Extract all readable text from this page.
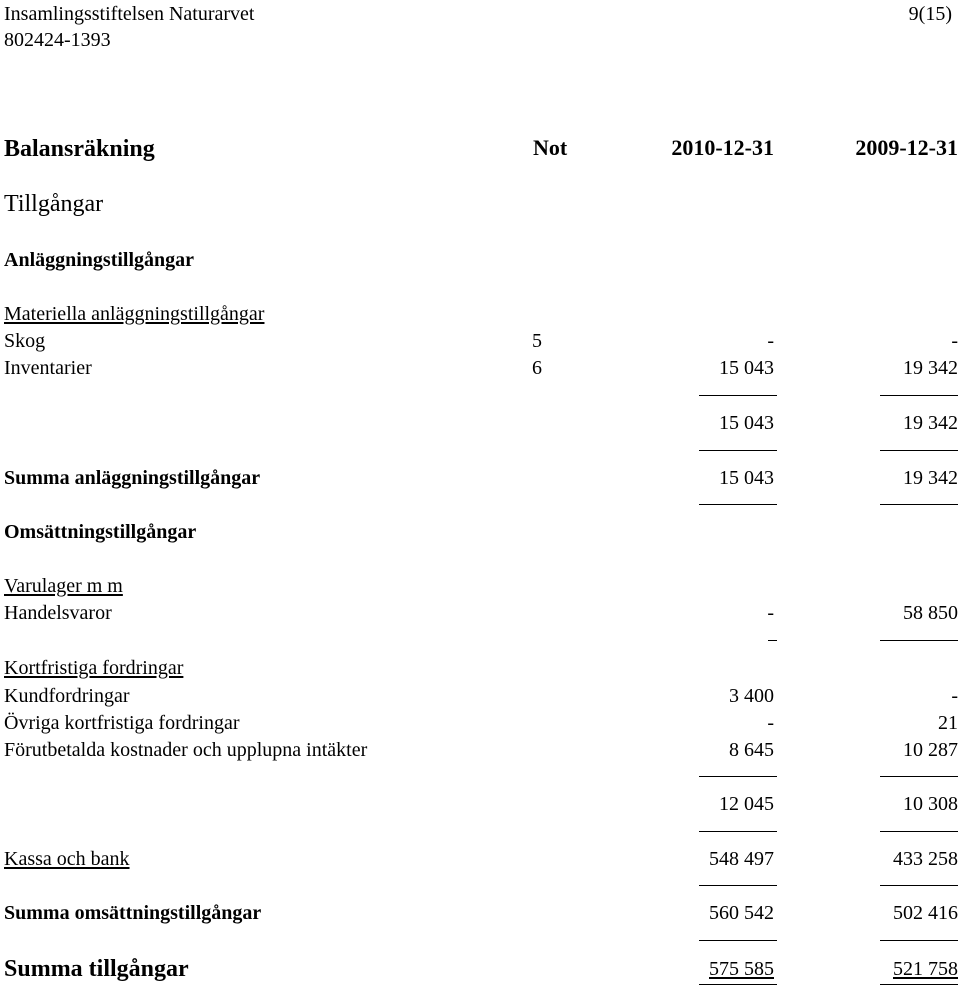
Insamlingsstiftelsen Naturarvet
802424-1393
9(15)
Balansräkning	Not	2010-12-31	2009-12-31
Tillgångar
Anläggningstillgångar
Materiella anläggningstillgångar
Skog	5	-	-
Inventarier	6	15 043	19 342
15 043	19 342
Summa anläggningstillgångar	15 043	19 342
Omsättningstillgångar
Varulager m m
Handelsvaror	-	58 850
Kortfristiga fordringar
Kundfordringar	3 400	-
Övriga kortfristiga fordringar	-	21
Förutbetalda kostnader och upplupna intäkter	8 645	10 287
12 045	10 308
Kassa och bank	548 497	433 258
Summa omsättningstillgångar	560 542	502 416
Summa tillgångar	575 585	521 758
